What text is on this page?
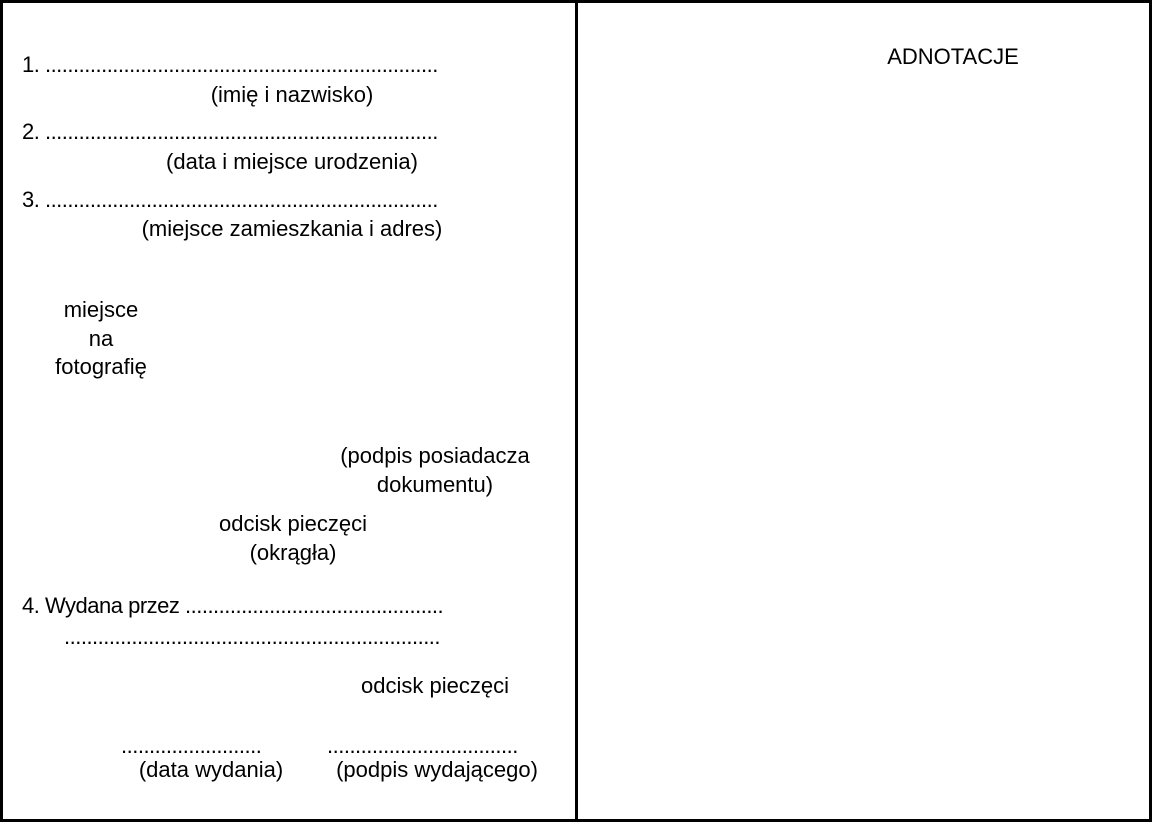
1. ......................................................................
(imię i nazwisko)
2. ......................................................................
(data i miejsce urodzenia)
3. ......................................................................
(miejsce zamieszkania i adres)
miejsce
na
fotografię
(podpis posiadacza
dokumentu)
odcisk pieczęci
(okrągła)
4. Wydana przez ..............................................
...................................................................
odcisk pieczęci
.........................
(data wydania)
..................................
(podpis wydającego)
ADNOTACJE
